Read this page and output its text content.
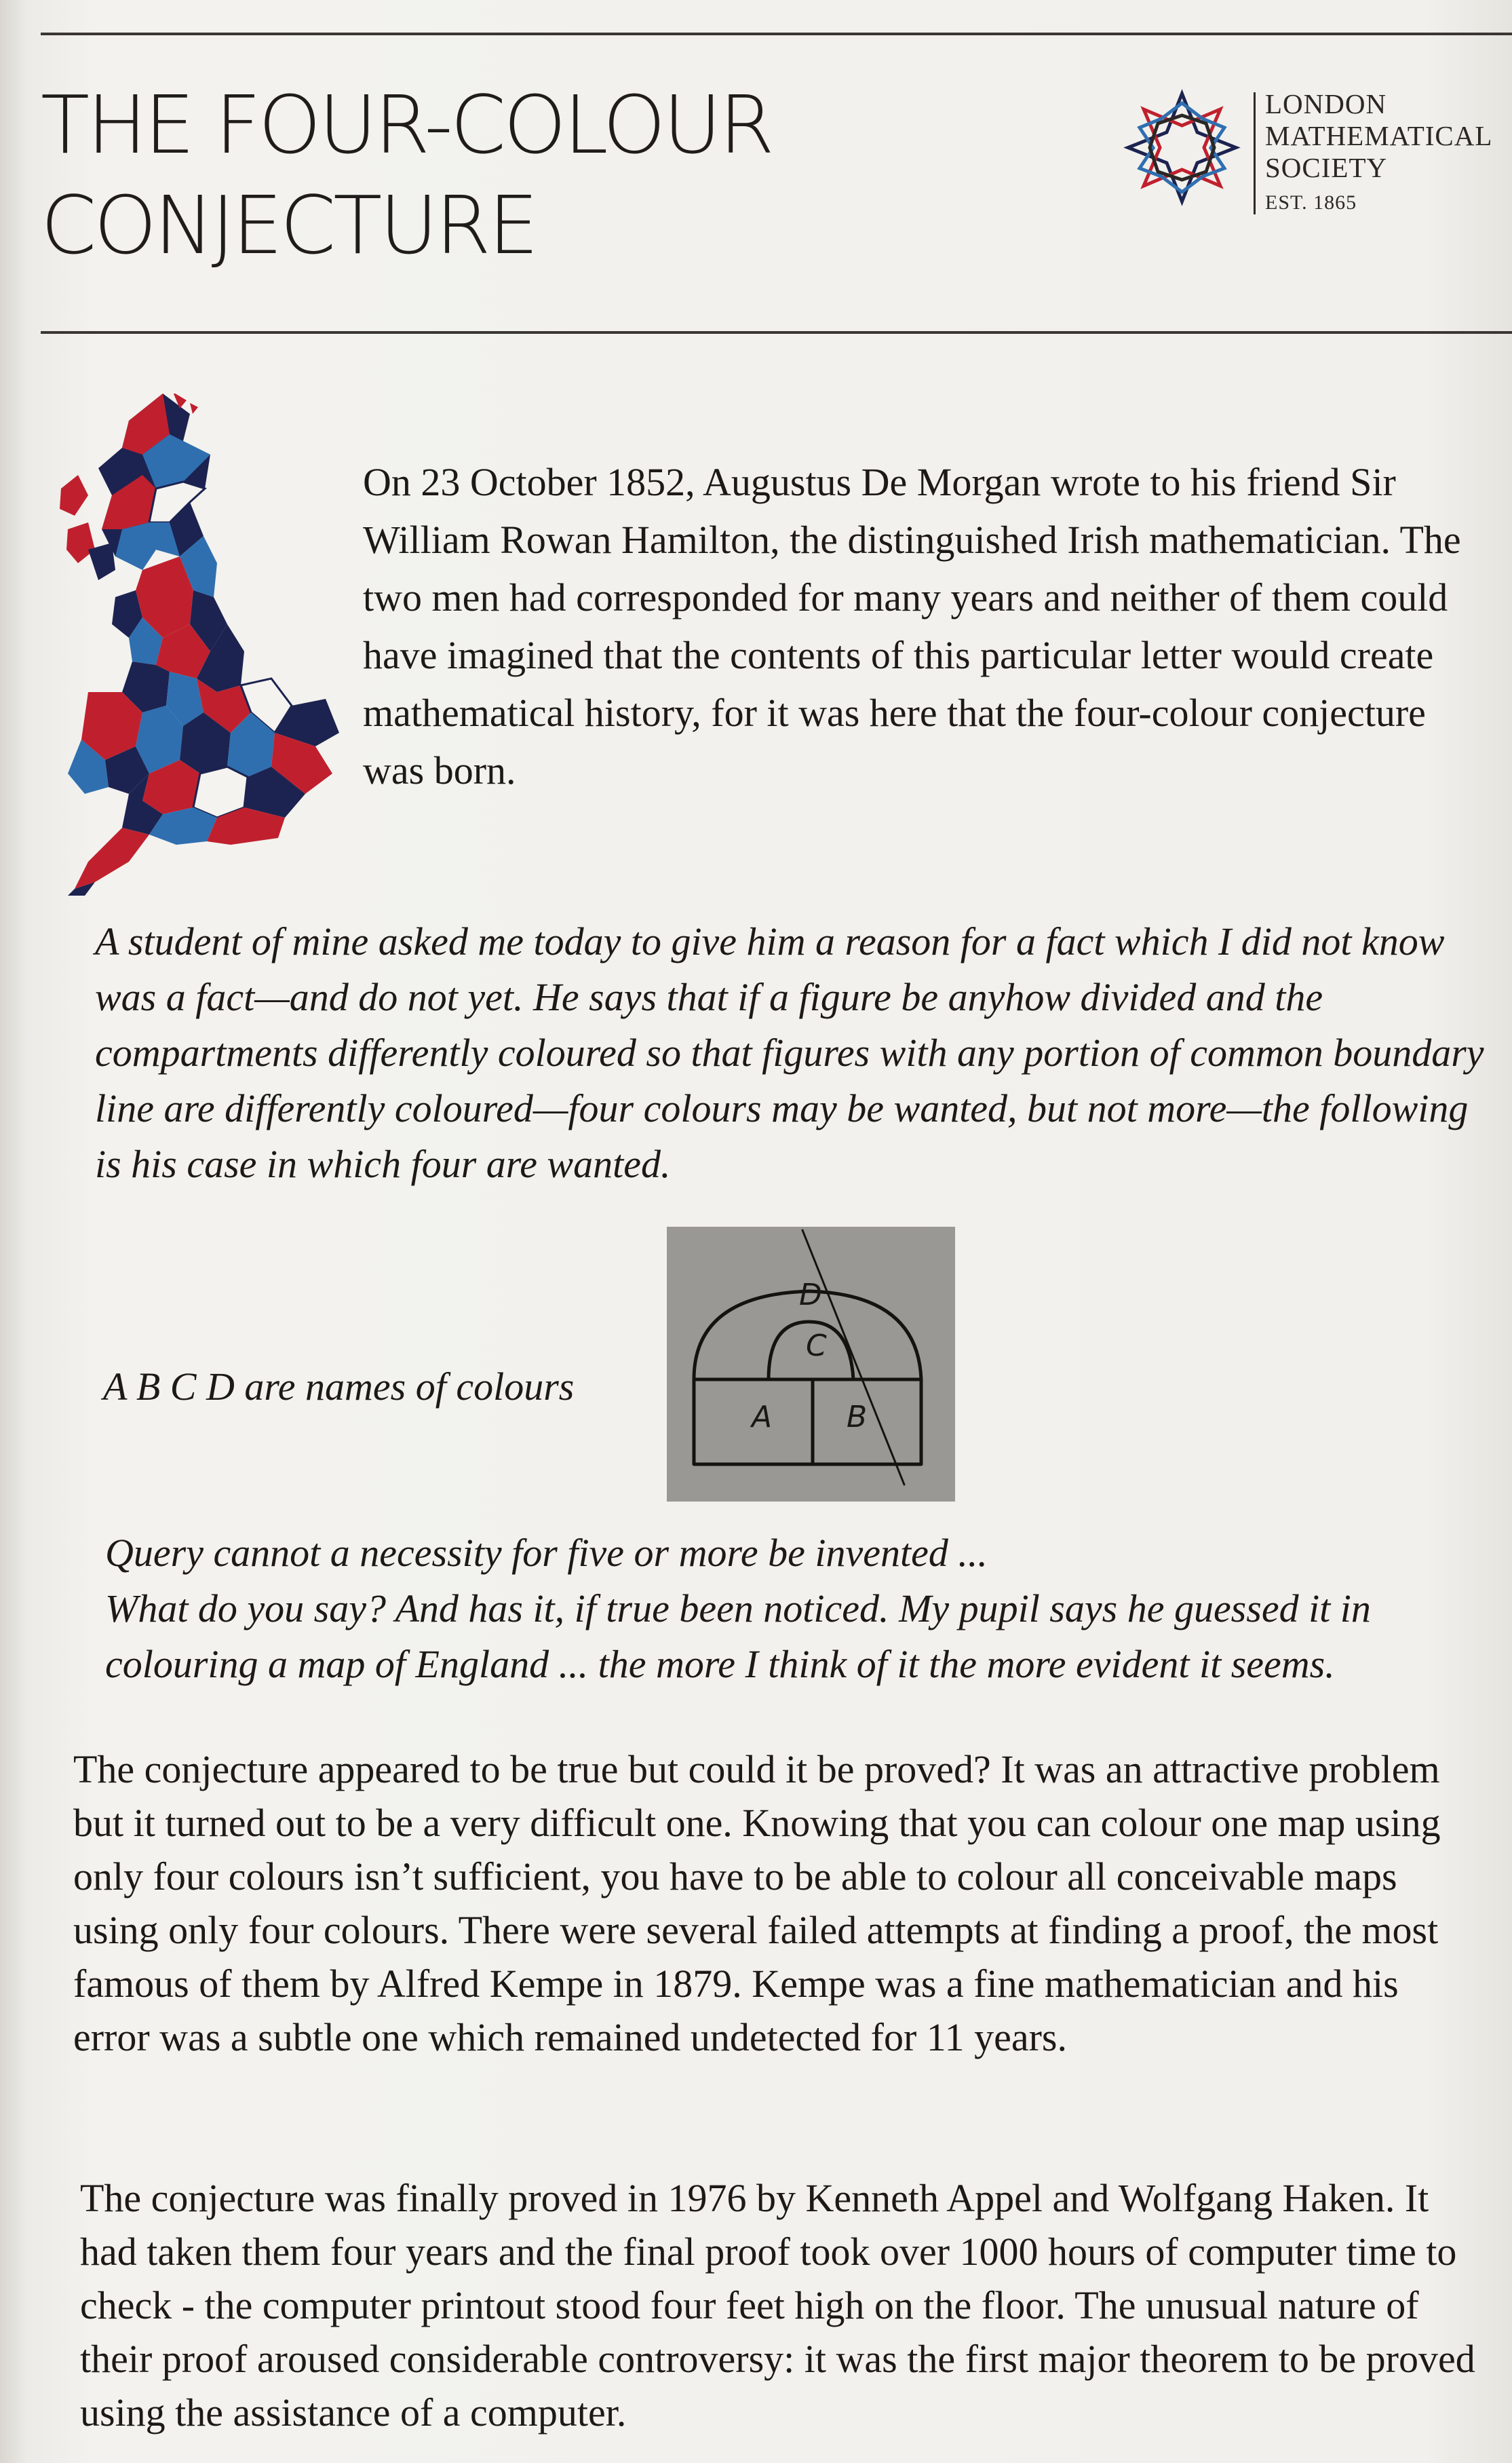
THE FOUR-COLOUR
CONJECTURE
LONDON
MATHEMATICAL
SOCIETY
EST. 1865

On 23 October 1852, Augustus De Morgan wrote to his friend Sir William Rowan Hamilton, the distinguished Irish mathematician. The two men had corresponded for many years and neither of them could have imagined that the contents of this particular letter would create mathematical history, for it was here that the four-colour conjecture was born.

A student of mine asked me today to give him a reason for a fact which I did not know was a fact—and do not yet. He says that if a figure be anyhow divided and the compartments differently coloured so that figures with any portion of common boundary line are differently coloured—four colours may be wanted, but not more—the following is his case in which four are wanted.

A B C D are names of colours

D
C
A B

Query cannot a necessity for five or more be invented ...
What do you say? And has it, if true been noticed. My pupil says he guessed it in colouring a map of England ... the more I think of it the more evident it seems.

The conjecture appeared to be true but could it be proved? It was an attractive problem but it turned out to be a very difficult one. Knowing that you can colour one map using only four colours isn’t sufficient, you have to be able to colour all conceivable maps using only four colours. There were several failed attempts at finding a proof, the most famous of them by Alfred Kempe in 1879. Kempe was a fine mathematician and his error was a subtle one which remained undetected for 11 years.

The conjecture was finally proved in 1976 by Kenneth Appel and Wolfgang Haken. It had taken them four years and the final proof took over 1000 hours of computer time to check - the computer printout stood four feet high on the floor. The unusual nature of their proof aroused considerable controversy: it was the first major theorem to be proved using the assistance of a computer.
